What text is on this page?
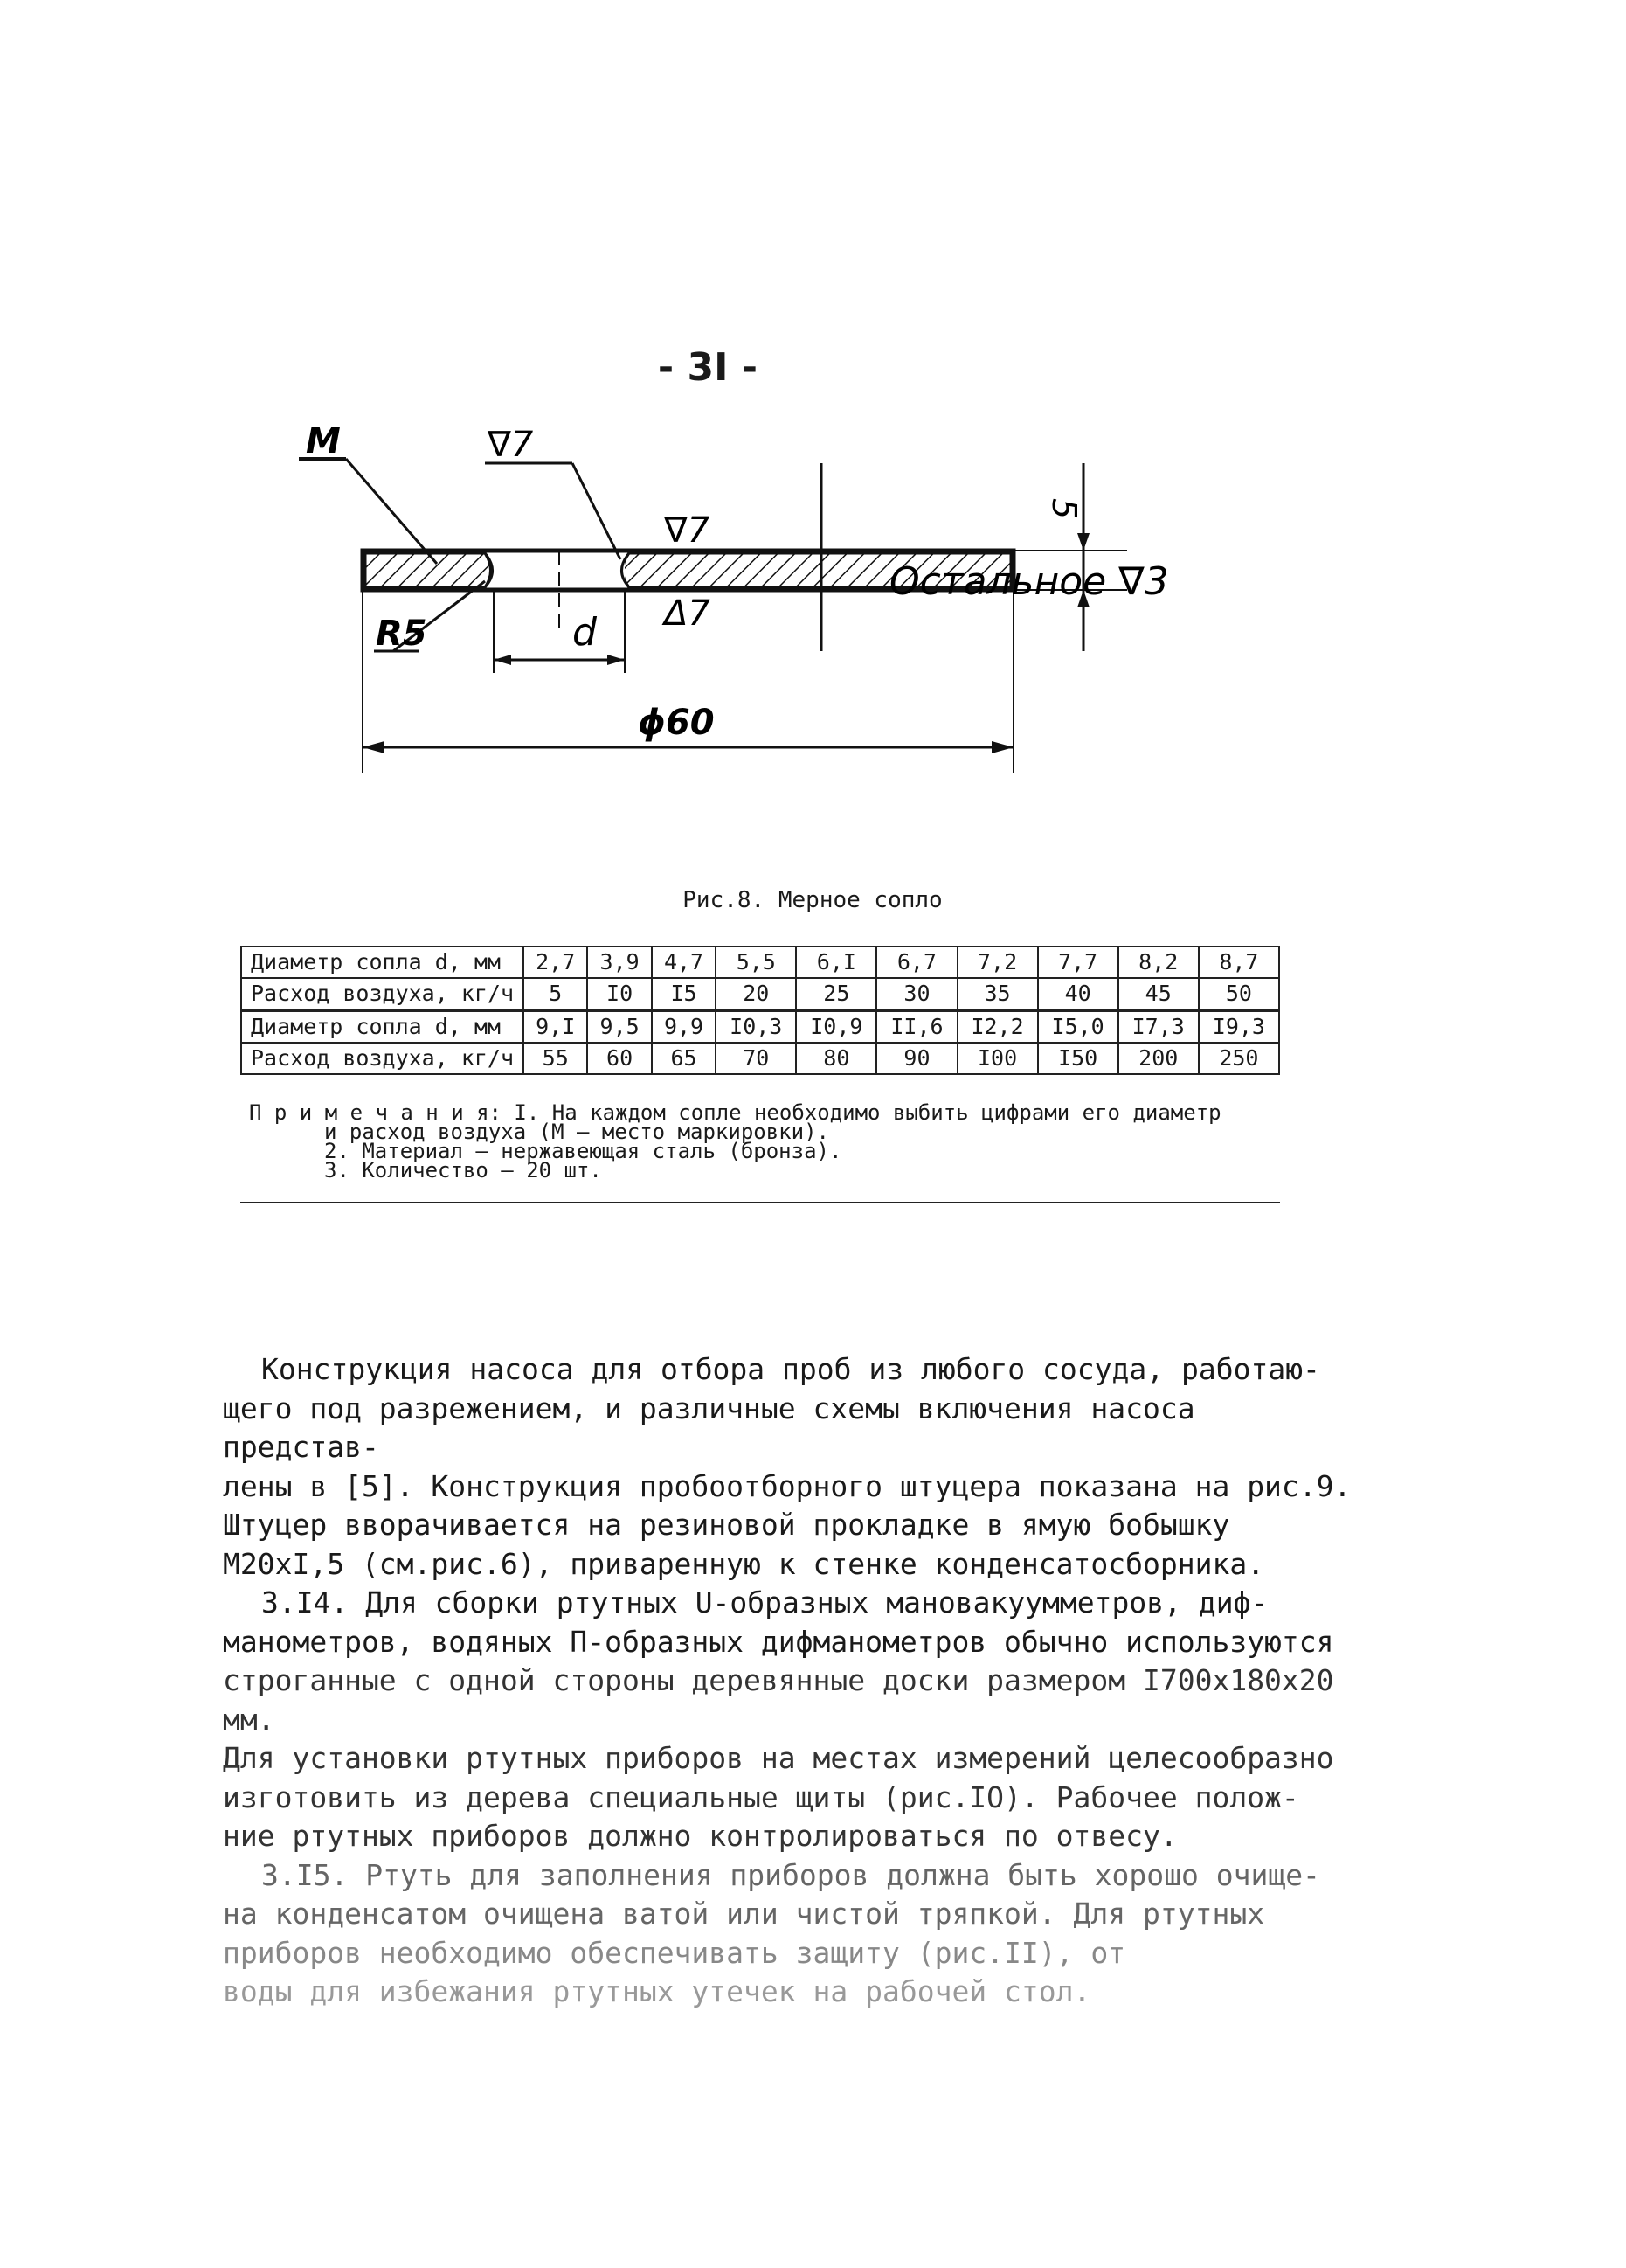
- 3I -
М	∇7
∇7
Δ7
R5
5
d
ϕ60
Остальное ∇3
Рис.8. Мерное сопло
Диаметр сопла d, мм	2,7	3,9	4,7	5,5	6,I	6,7	7,2	7,7	8,2	8,7
Расход воздуха, кг/ч	5	I0	I5	20	25	30	35	40	45	50
Диаметр сопла d, мм	9,I	9,5	9,9	I0,3	I0,9	II,6	I2,2	I5,0	I7,3	I9,3
Расход воздуха, кг/ч	55	60	65	70	80	90	I00	I50	200	250
П р и м е ч а н и я: I. На каждом сопле необходимо выбить цифрами его диаметр
и расход воздуха (М – место маркировки).
2. Материал – нержавеющая сталь (бронза).
3. Количество – 20 шт.

Конструкция насоса для отбора проб из любого сосуда, работаю-
щего под разрежением, и различные схемы включения насоса представ-
лены в [5]. Конструкция пробоотборного штуцера показана на рис.9.
Штуцер вворачивается на резиновой прокладке в ямую бобышку
М20хI,5 (см.рис.6), приваренную к стенке конденсатосборника.

3.I4. Для сборки ртутных U-образных мановакуумметров, диф-
манометров, водяных П-образных дифманометров обычно используются
строганные с одной стороны деревянные доски размером I700х180х20 мм.
Для установки ртутных приборов на местах измерений целесообразно
изготовить из дерева специальные щиты (рис.IO). Рабочее полож-
ние ртутных приборов должно контролироваться по отвесу.

3.I5. Ртуть для заполнения приборов должна быть хорошо очище-
на конденсатом очищена ватой или чистой тряпкой. Для ртутных
приборов необходимо обеспечивать защиту (рис.II), от
воды для избежания ртутных утечек на рабочей стол.
